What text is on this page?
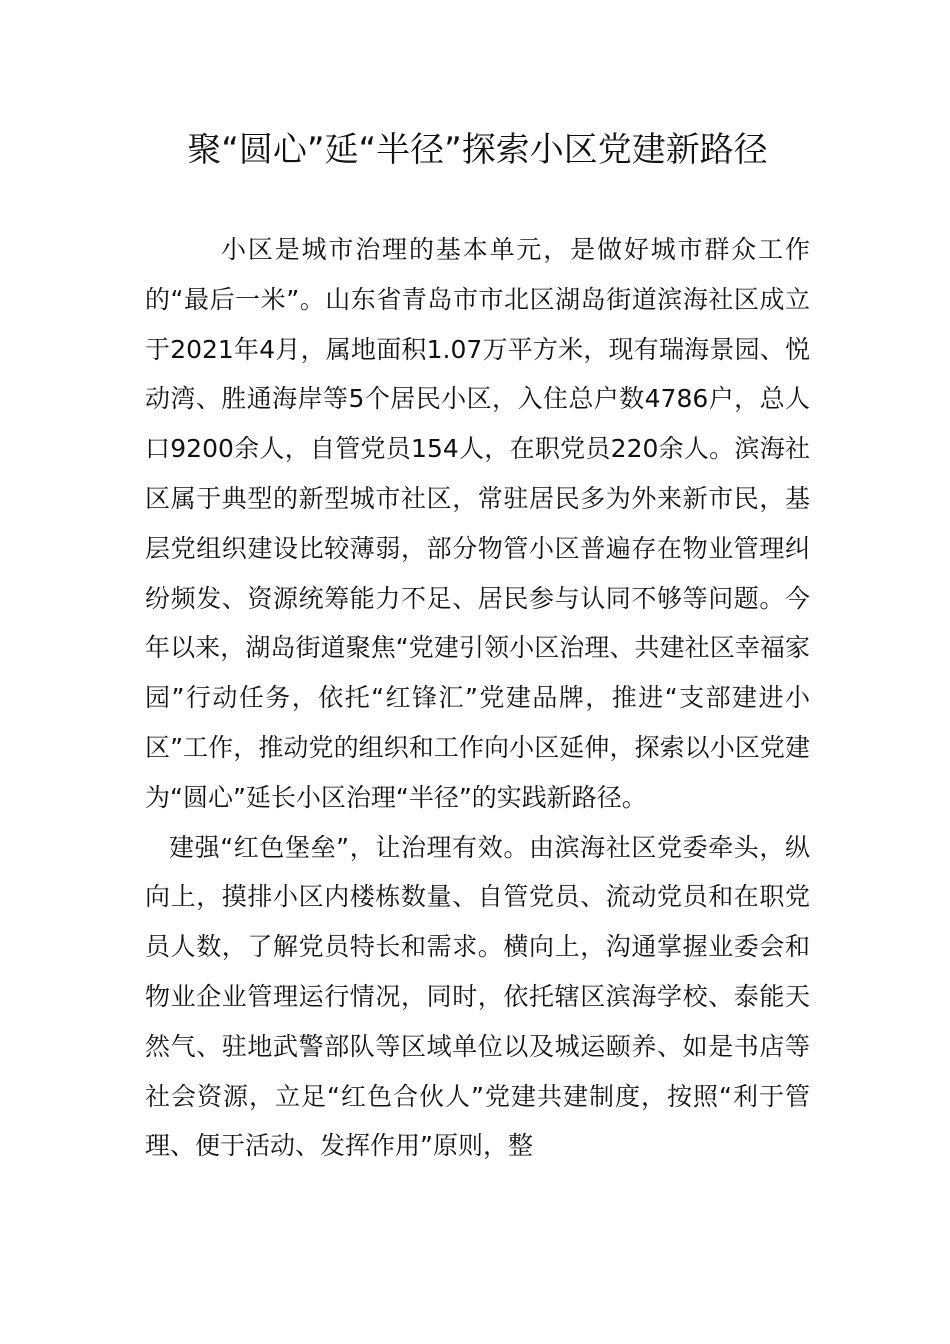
聚“圆心”延“半径”探索小区党建新路径

小区是城市治理的基本单元，是做好城市群众工作的“最后一米”。山东省青岛市市北区湖岛街道滨海社区成立于2021年4月，属地面积1.07万平方米，现有瑞海景园、悦动湾、胜通海岸等5个居民小区，入住总户数4786户，总人口9200余人，自管党员154人，在职党员220余人。滨海社区属于典型的新型城市社区，常驻居民多为外来新市民，基层党组织建设比较薄弱，部分物管小区普遍存在物业管理纠纷频发、资源统筹能力不足、居民参与认同不够等问题。今年以来，湖岛街道聚焦“党建引领小区治理、共建社区幸福家园”行动任务，依托“红锋汇”党建品牌，推进“支部建进小区”工作，推动党的组织和工作向小区延伸，探索以小区党建为“圆心”延长小区治理“半径”的实践新路径。

建强“红色堡垒”，让治理有效。由滨海社区党委牵头，纵向上，摸排小区内楼栋数量、自管党员、流动党员和在职党员人数，了解党员特长和需求。横向上，沟通掌握业委会和物业企业管理运行情况，同时，依托辖区滨海学校、泰能天然气、驻地武警部队等区域单位以及城运颐养、如是书店等社会资源，立足“红色合伙人”党建共建制度，按照“利于管理、便于活动、发挥作用”原则，整
